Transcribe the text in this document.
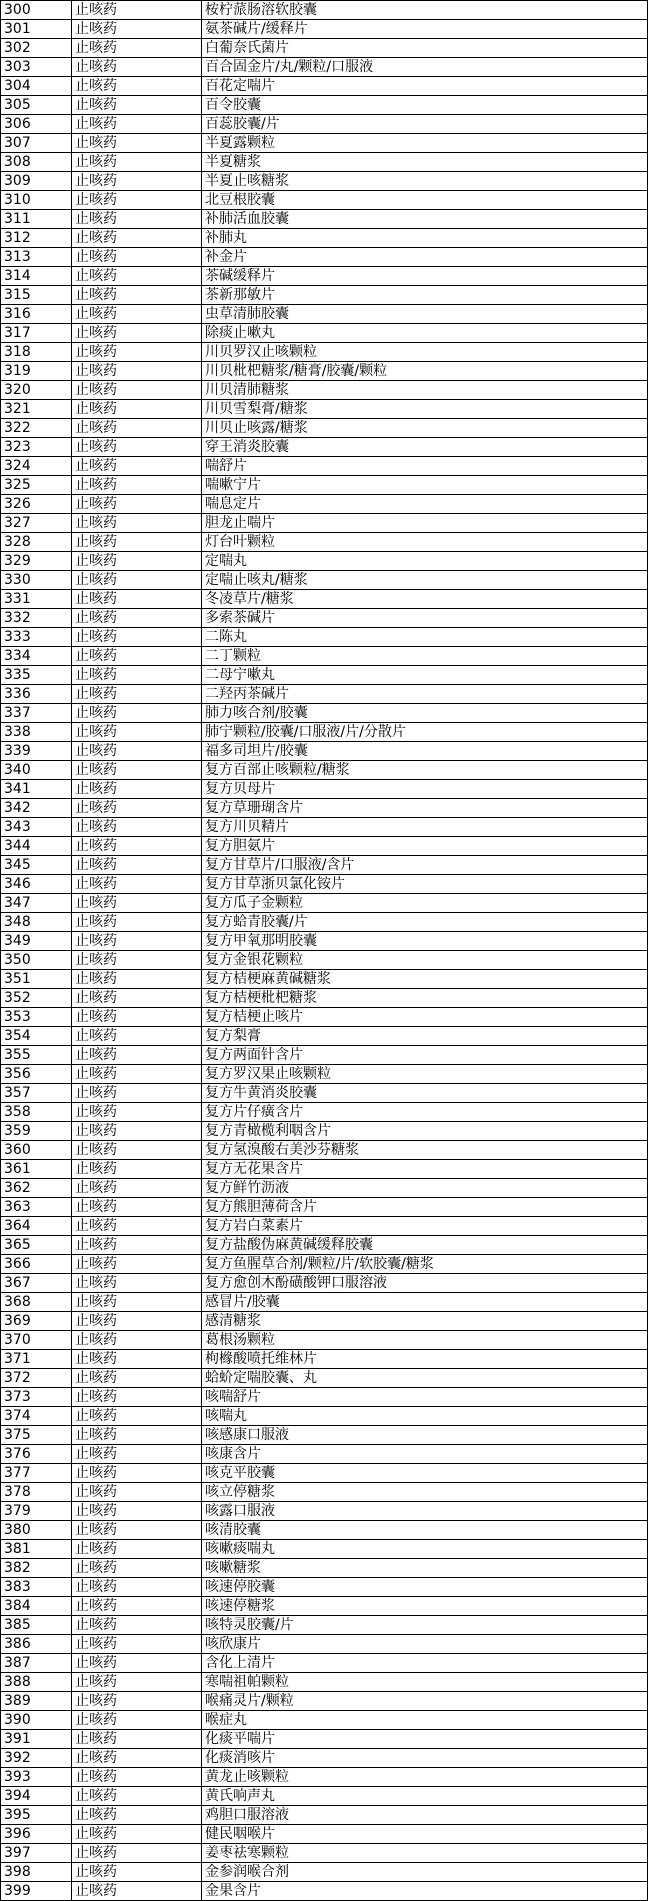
300	止咳药	桉柠蒎肠溶软胶囊
301	止咳药	氨茶碱片/缓释片
302	止咳药	白葡奈氏菌片
303	止咳药	百合固金片/丸/颗粒/口服液
304	止咳药	百花定喘片
305	止咳药	百令胶囊
306	止咳药	百蕊胶囊/片
307	止咳药	半夏露颗粒
308	止咳药	半夏糖浆
309	止咳药	半夏止咳糖浆
310	止咳药	北豆根胶囊
311	止咳药	补肺活血胶囊
312	止咳药	补肺丸
313	止咳药	补金片
314	止咳药	茶碱缓释片
315	止咳药	茶新那敏片
316	止咳药	虫草清肺胶囊
317	止咳药	除痰止嗽丸
318	止咳药	川贝罗汉止咳颗粒
319	止咳药	川贝枇杷糖浆/糖膏/胶囊/颗粒
320	止咳药	川贝清肺糖浆
321	止咳药	川贝雪梨膏/糖浆
322	止咳药	川贝止咳露/糖浆
323	止咳药	穿王消炎胶囊
324	止咳药	喘舒片
325	止咳药	喘嗽宁片
326	止咳药	喘息定片
327	止咳药	胆龙止喘片
328	止咳药	灯台叶颗粒
329	止咳药	定喘丸
330	止咳药	定喘止咳丸/糖浆
331	止咳药	冬凌草片/糖浆
332	止咳药	多索茶碱片
333	止咳药	二陈丸
334	止咳药	二丁颗粒
335	止咳药	二母宁嗽丸
336	止咳药	二羟丙茶碱片
337	止咳药	肺力咳合剂/胶囊
338	止咳药	肺宁颗粒/胶囊/口服液/片/分散片
339	止咳药	福多司坦片/胶囊
340	止咳药	复方百部止咳颗粒/糖浆
341	止咳药	复方贝母片
342	止咳药	复方草珊瑚含片
343	止咳药	复方川贝精片
344	止咳药	复方胆氨片
345	止咳药	复方甘草片/口服液/含片
346	止咳药	复方甘草浙贝氯化铵片
347	止咳药	复方瓜子金颗粒
348	止咳药	复方蛤青胶囊/片
349	止咳药	复方甲氧那明胶囊
350	止咳药	复方金银花颗粒
351	止咳药	复方桔梗麻黄碱糖浆
352	止咳药	复方桔梗枇杷糖浆
353	止咳药	复方桔梗止咳片
354	止咳药	复方梨膏
355	止咳药	复方两面针含片
356	止咳药	复方罗汉果止咳颗粒
357	止咳药	复方牛黄消炎胶囊
358	止咳药	复方片仔癀含片
359	止咳药	复方青橄榄利咽含片
360	止咳药	复方氢溴酸右美沙芬糖浆
361	止咳药	复方无花果含片
362	止咳药	复方鲜竹沥液
363	止咳药	复方熊胆薄荷含片
364	止咳药	复方岩白菜素片
365	止咳药	复方盐酸伪麻黄碱缓释胶囊
366	止咳药	复方鱼腥草合剂/颗粒/片/软胶囊/糖浆
367	止咳药	复方愈创木酚磺酸钾口服溶液
368	止咳药	感冒片/胶囊
369	止咳药	感清糖浆
370	止咳药	葛根汤颗粒
371	止咳药	枸橼酸喷托维林片
372	止咳药	蛤蚧定喘胶囊、丸
373	止咳药	咳喘舒片
374	止咳药	咳喘丸
375	止咳药	咳感康口服液
376	止咳药	咳康含片
377	止咳药	咳克平胶囊
378	止咳药	咳立停糖浆
379	止咳药	咳露口服液
380	止咳药	咳清胶囊
381	止咳药	咳嗽痰喘丸
382	止咳药	咳嗽糖浆
383	止咳药	咳速停胶囊
384	止咳药	咳速停糖浆
385	止咳药	咳特灵胶囊/片
386	止咳药	咳欣康片
387	止咳药	含化上清片
388	止咳药	寒喘祖帕颗粒
389	止咳药	喉痛灵片/颗粒
390	止咳药	喉症丸
391	止咳药	化痰平喘片
392	止咳药	化痰消咳片
393	止咳药	黄龙止咳颗粒
394	止咳药	黄氏响声丸
395	止咳药	鸡胆口服溶液
396	止咳药	健民咽喉片
397	止咳药	姜枣祛寒颗粒
398	止咳药	金参润喉合剂
399	止咳药	金果含片
